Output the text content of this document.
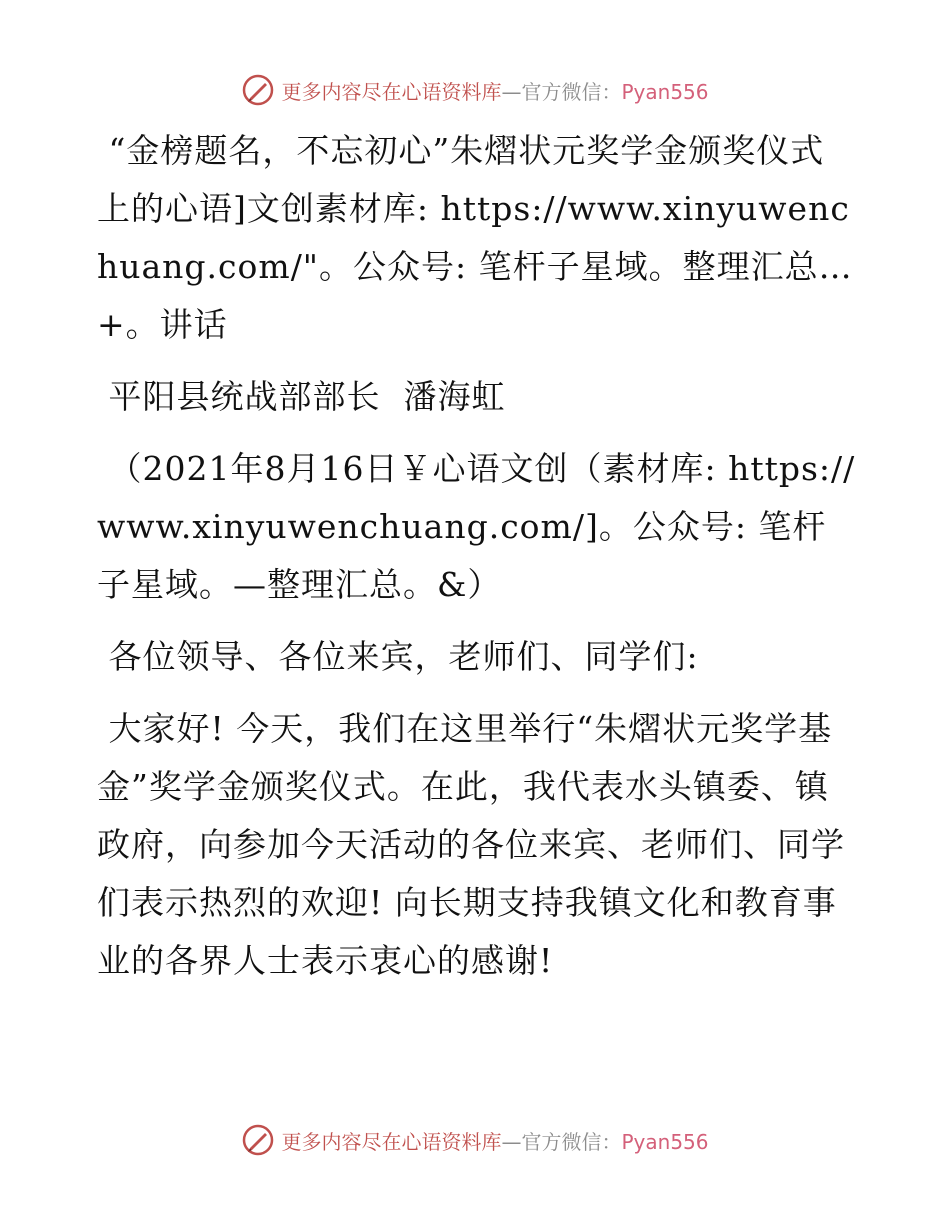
更多内容尽在心语资料库—官方微信：Pyan556

“金榜题名，不忘初心”朱熠状元奖学金颁奖仪式上的心语]文创素材库: https://www.xinyuwenchuang.com/"。公众号: 笔杆子星域。整理汇总…+。讲话

平阳县统战部部长  潘海虹

（2021年8月16日￥心语文创（素材库: https://www.xinyuwenchuang.com/]。公众号: 笔杆子星域。—整理汇总。&）

各位领导、各位来宾，老师们、同学们:

大家好! 今天，我们在这里举行“朱熠状元奖学基金”奖学金颁奖仪式。在此，我代表水头镇委、镇政府，向参加今天活动的各位来宾、老师们、同学们表示热烈的欢迎! 向长期支持我镇文化和教育事业的各界人士表示衷心的感谢!

更多内容尽在心语资料库—官方微信：Pyan556
